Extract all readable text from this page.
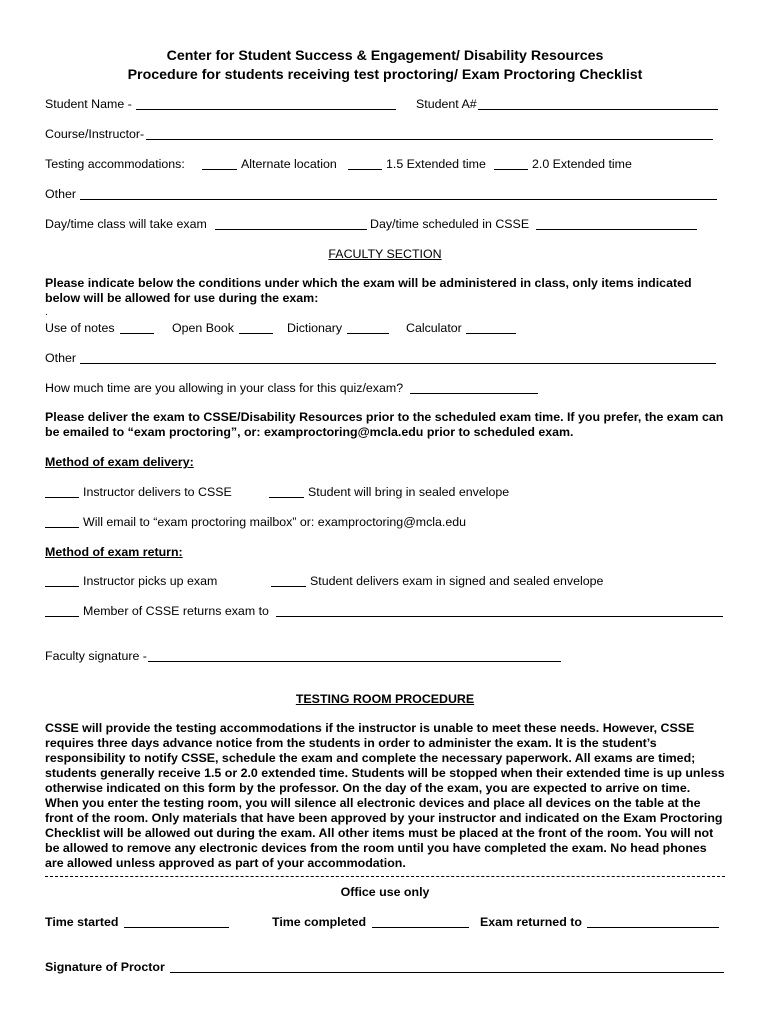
Center for Student Success & Engagement/ Disability Resources
Procedure for students receiving test proctoring/ Exam Proctoring Checklist
Student Name -	Student A#
Course/Instructor-
Testing accommodations:	Alternate location	1.5 Extended time	2.0 Extended time
Other
Day/time class will take exam	Day/time scheduled in CSSE
FACULTY SECTION
Please indicate below the conditions under which the exam will be administered in class, only items indicated below will be allowed for use during the exam:
.
Use of notes	Open Book	Dictionary	Calculator
Other
How much time are you allowing in your class for this quiz/exam?
Please deliver the exam to CSSE/Disability Resources prior to the scheduled exam time. If you prefer, the exam can be emailed to “exam proctoring”, or: examproctoring@mcla.edu prior to scheduled exam.
Method of exam delivery:
Instructor delivers to CSSE	Student will bring in sealed envelope
Will email to “exam proctoring mailbox” or: examproctoring@mcla.edu
Method of exam return:
Instructor picks up exam	Student delivers exam in signed and sealed envelope
Member of CSSE returns exam to
Faculty signature -
TESTING ROOM PROCEDURE
CSSE will provide the testing accommodations if the instructor is unable to meet these needs. However, CSSE requires three days advance notice from the students in order to administer the exam. It is the student’s responsibility to notify CSSE, schedule the exam and complete the necessary paperwork. All exams are timed; students generally receive 1.5 or 2.0 extended time. Students will be stopped when their extended time is up unless otherwise indicated on this form by the professor. On the day of the exam, you are expected to arrive on time. When you enter the testing room, you will silence all electronic devices and place all devices on the table at the front of the room. Only materials that have been approved by your instructor and indicated on the Exam Proctoring Checklist will be allowed out during the exam. All other items must be placed at the front of the room. You will not be allowed to remove any electronic devices from the room until you have completed the exam. No head phones are allowed unless approved as part of your accommodation.
Office use only
Time started	Time completed	Exam returned to
Signature of Proctor
